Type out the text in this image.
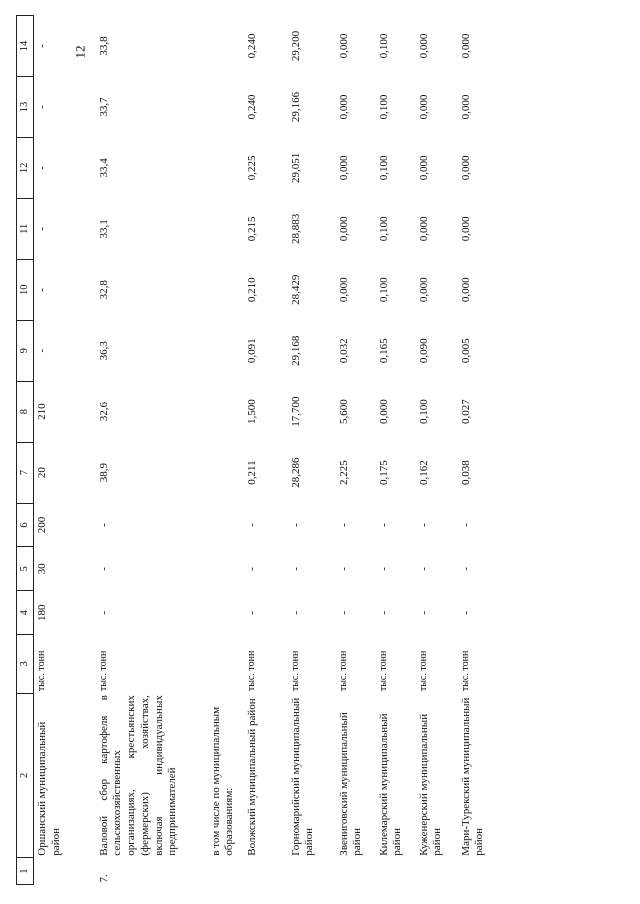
12
1	2	3	4	5	6	7	8	9	10	11	12	13	14
	Оршанский муниципальный район	тыс. тонн	180	30	200	20	210	-	-	-	-	-	-
7.	Валовой сбор картофеля в сельскохозяйственных организациях, крестьянских (фермерских) хозяйствах, включая индивидуальных предпринимателей	тыс. тонн	-	-	-	38,9	32,6	36,3	32,8	33,1	33,4	33,7	33,8
	в том числе по муниципальным образованиям:												
	Волжский муниципальный район	тыс. тонн	-	-	-	0,211	1,500	0,091	0,210	0,215	0,225	0,240	0,240
	Горномарийский муниципальный район	тыс. тонн	-	-	-	28,286	17,700	29,168	28,429	28,883	29,051	29,166	29,200
	Звениговский муниципальный район	тыс. тонн	-	-	-	2,225	5,600	0,032	0,000	0,000	0,000	0,000	0,000
	Килемарский муниципальный район	тыс. тонн	-	-	-	0,175	0,000	0,165	0,100	0,100	0,100	0,100	0,100
	Куженерский муниципальный район	тыс. тонн	-	-	-	0,162	0,100	0,090	0,000	0,000	0,000	0,000	0,000
	Мари-Турекский муниципальный район	тыс. тонн	-	-	-	0,038	0,027	0,005	0,000	0,000	0,000	0,000	0,000
